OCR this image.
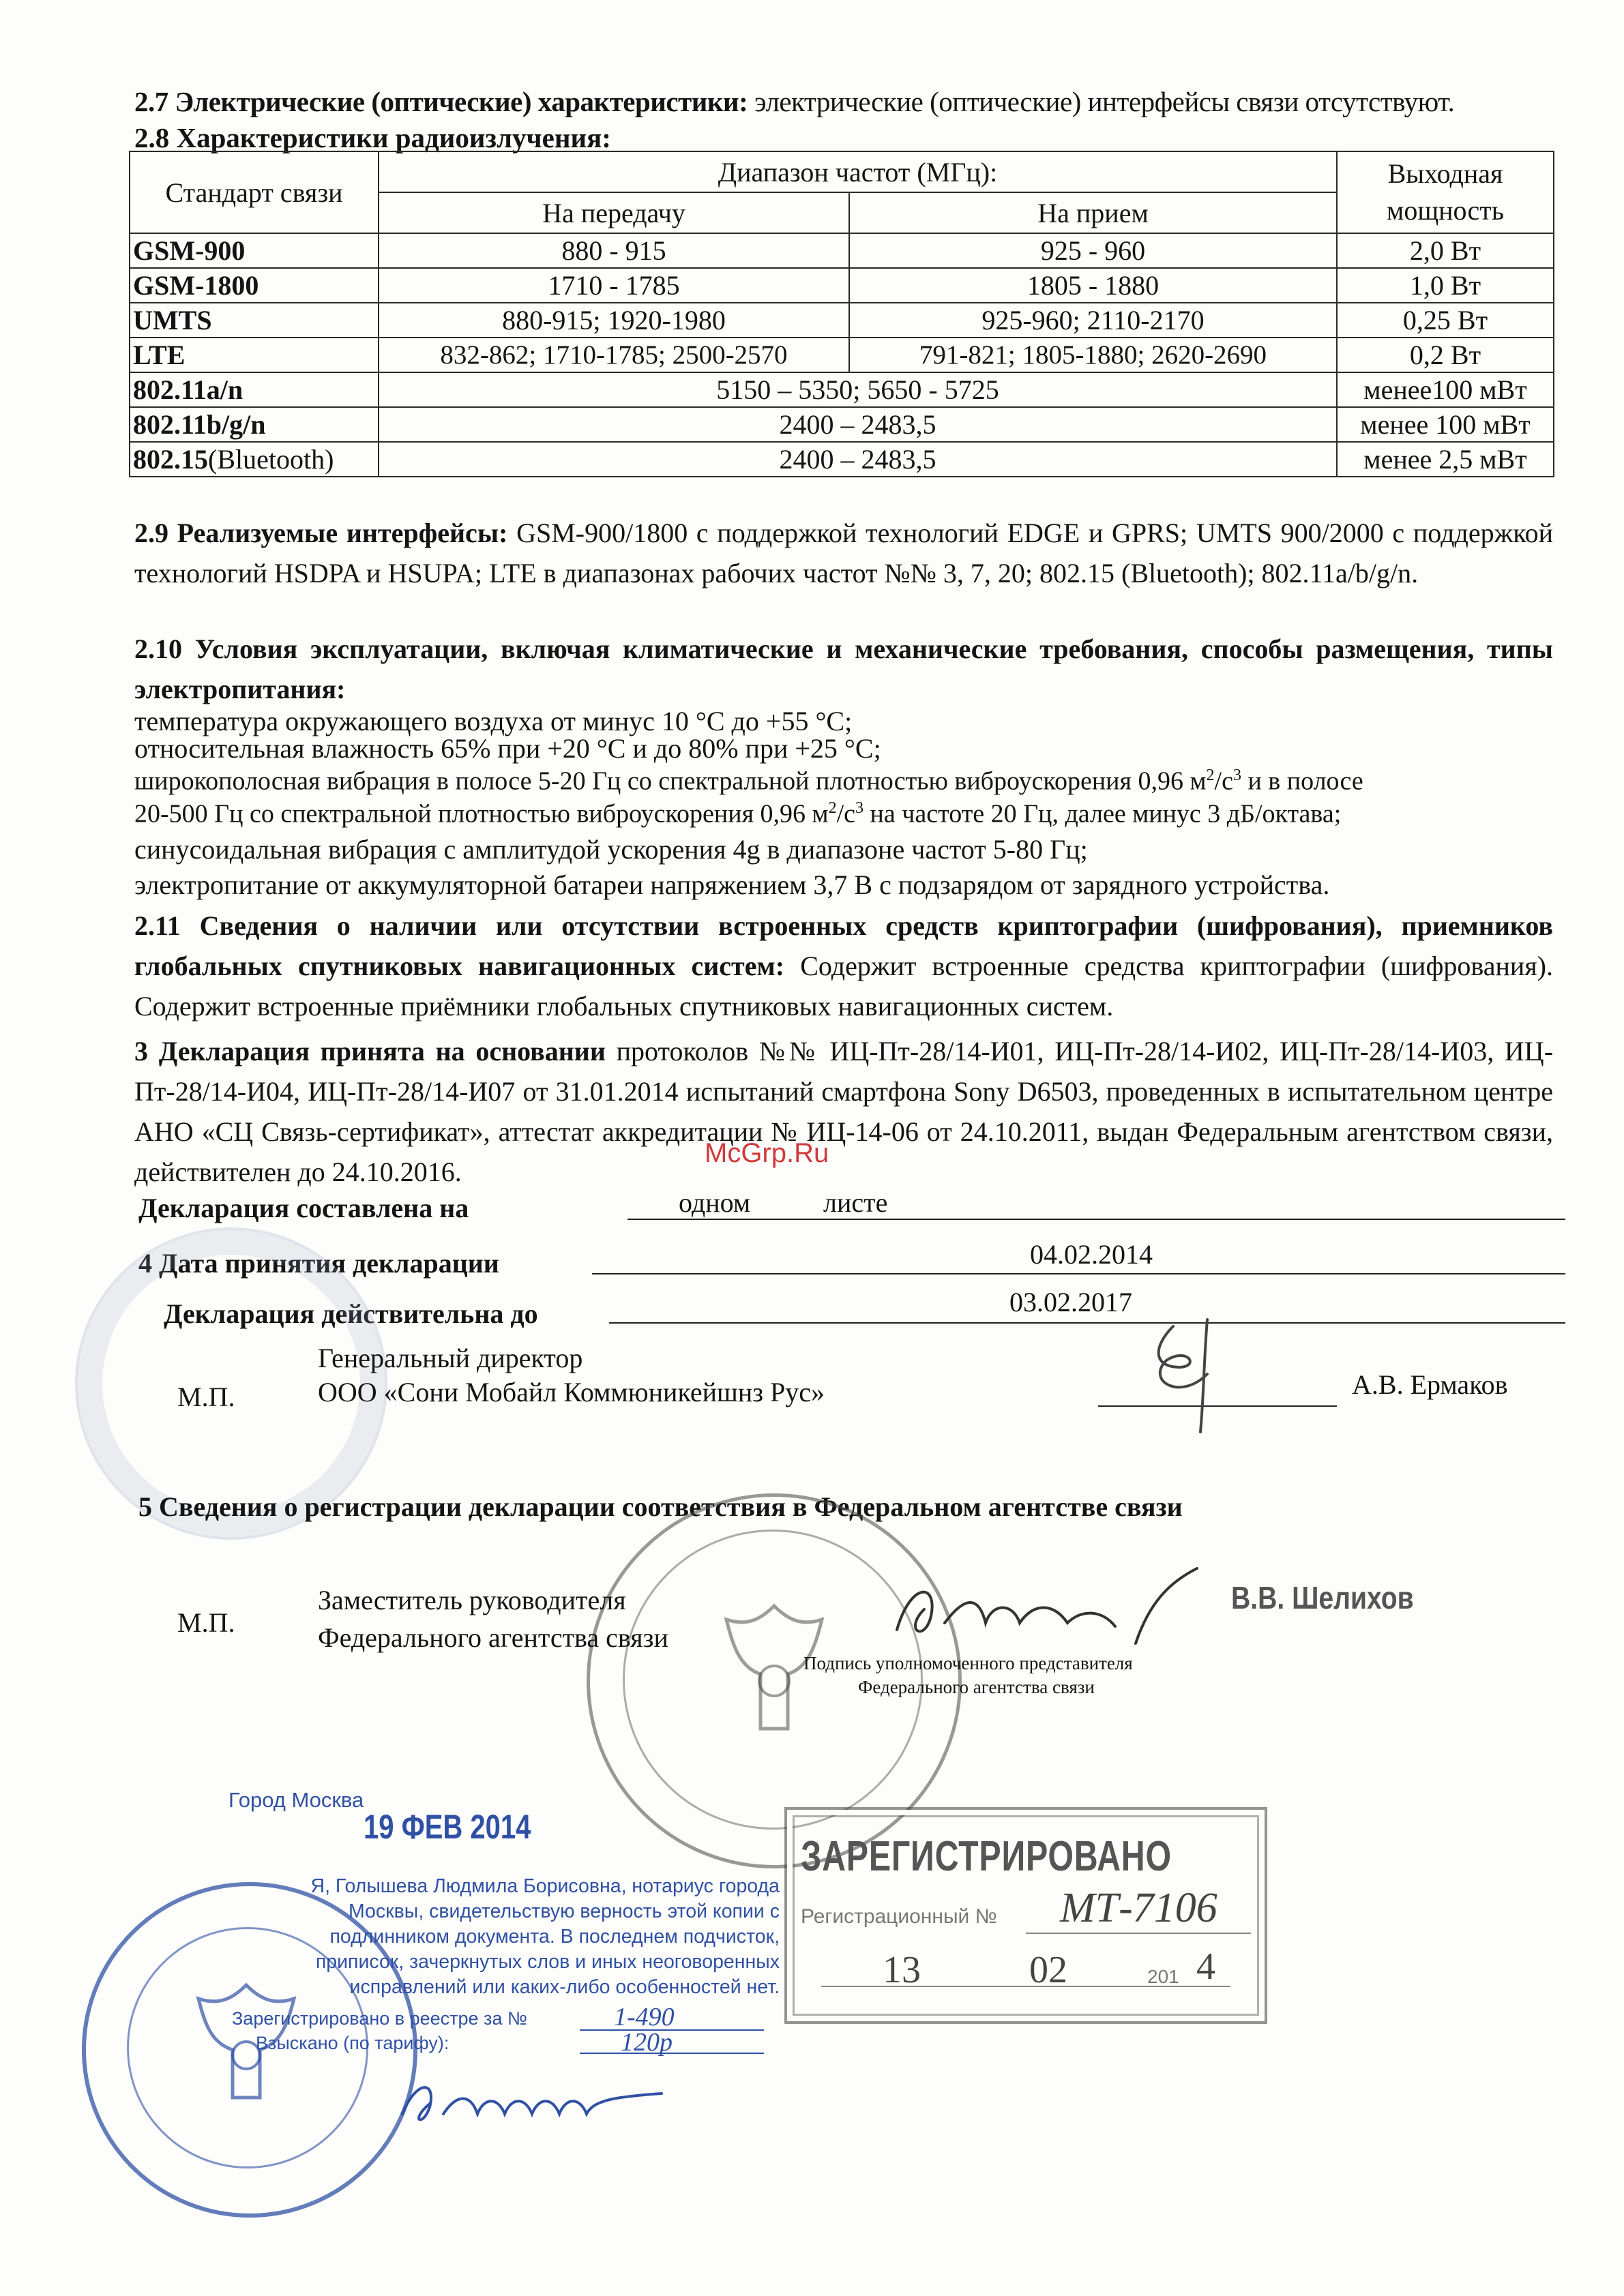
2.7 Электрические (оптические) характеристики: электрические (оптические) интерфейсы связи отсутствуют.
2.8 Характеристики радиоизлучения:
Стандарт связи	Диапазон частот (МГц):		Выходная мощность
	На передачу	На прием	
GSM-900	880 - 915	925 - 960	2,0 Вт
GSM-1800	1710 - 1785	1805 - 1880	1,0 Вт
UMTS	880-915; 1920-1980	925-960; 2110-2170	0,25 Вт
LTE	832-862; 1710-1785; 2500-2570	791-821; 1805-1880; 2620-2690	0,2 Вт
802.11a/n	5150 – 5350; 5650 - 5725		менее100 мВт
802.11b/g/n	2400 – 2483,5		менее 100 мВт
802.15(Bluetooth)	2400 – 2483,5		менее 2,5 мВт
2.9 Реализуемые интерфейсы: GSM-900/1800 с поддержкой технологий EDGE и GPRS; UMTS 900/2000 с поддержкой технологий HSDPA и HSUPA; LTE в диапазонах рабочих частот №№ 3, 7, 20; 802.15 (Bluetooth); 802.11a/b/g/n.
2.10 Условия эксплуатации, включая климатические и механические требования, способы размещения, типы электропитания:
температура окружающего воздуха от минус 10 °С до +55 °С;
относительная влажность 65% при +20 °С и до 80% при +25 °С;
широкополосная вибрация в полосе 5-20 Гц со спектральной плотностью виброускорения 0,96 $м^2/с^3$ и в полосе
20-500 Гц со спектральной плотностью виброускорения 0,96 $м^2/с^3$ на частоте 20 Гц, далее минус 3 дБ/октава;
синусоидальная вибрация с амплитудой ускорения 4g в диапазоне частот 5-80 Гц;
электропитание от аккумуляторной батареи напряжением 3,7 В с подзарядом от зарядного устройства.
2.11 Сведения о наличии или отсутствии встроенных средств криптографии (шифрования), приемников глобальных спутниковых навигационных систем: Содержит встроенные средства криптографии (шифрования). Содержит встроенные приёмники глобальных спутниковых навигационных систем.
3 Декларация принята на основании протоколов №№ ИЦ-Пт-28/14-И01, ИЦ-Пт-28/14-И02, ИЦ-Пт-28/14-И03, ИЦ-Пт-28/14-И04, ИЦ-Пт-28/14-И07 от 31.01.2014 испытаний смартфона Sony D6503, проведенных в испытательном центре АНО «СЦ Связь-сертификат», аттестат аккредитации № ИЦ-14-06 от 24.10.2011, выдан Федеральным агентством связи, действителен до 24.10.2016.
McGrp.Ru
Декларация составлена на	одном	листе
4 Дата принятия декларации	04.02.2014
Декларация действительна до	03.02.2017
М.П.
Генеральный директор
ООО «Сони Мобайл Коммюникейшнз Рус»	А.В. Ермаков
5 Сведения о регистрации декларации соответствия в Федеральном агентстве связи
М.П.
Заместитель руководителя
Федерального агентства связи
В.В. Шелихов
Подпись уполномоченного представителя
Федерального агентства связи
Город Москва
19 ФЕВ 2014
Я, Голышева Людмила Борисовна, нотариус города
Москвы, свидетельствую верность этой копии с
подлинником документа. В последнем подчисток,
приписок, зачеркнутых слов и иных неоговоренных
исправлений или каких-либо особенностей нет.
Зарегистрировано в реестре за №	1-490
Взыскано (по тарифу):	120р
ЗАРЕГИСТРИРОВАНО
Регистрационный № МТ-7106
13	02	201 4
